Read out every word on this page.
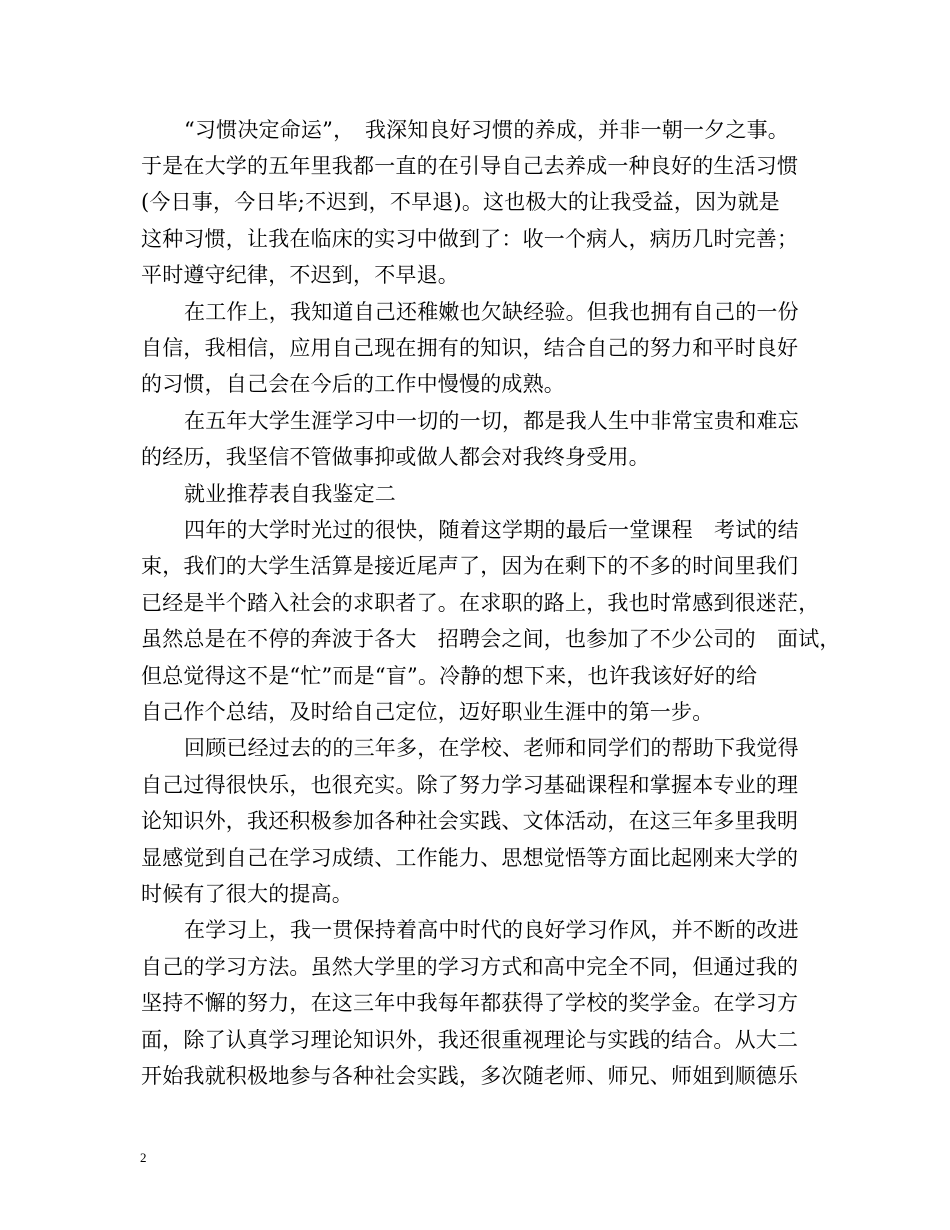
“习惯决定命运”，　我深知良好习惯的养成，并非一朝一夕之事。
于是在大学的五年里我都一直的在引导自己去养成一种良好的生活习惯
(今日事，今日毕;不迟到，不早退)。这也极大的让我受益，因为就是
这种习惯，让我在临床的实习中做到了：收一个病人，病历几时完善；
平时遵守纪律，不迟到，不早退。
在工作上，我知道自己还稚嫩也欠缺经验。但我也拥有自己的一份
自信，我相信，应用自己现在拥有的知识，结合自己的努力和平时良好
的习惯，自己会在今后的工作中慢慢的成熟。
在五年大学生涯学习中一切的一切，都是我人生中非常宝贵和难忘
的经历，我坚信不管做事抑或做人都会对我终身受用。
就业推荐表自我鉴定二
四年的大学时光过的很快，随着这学期的最后一堂课程　考试的结
束，我们的大学生活算是接近尾声了，因为在剩下的不多的时间里我们
已经是半个踏入社会的求职者了。在求职的路上，我也时常感到很迷茫，
虽然总是在不停的奔波于各大　招聘会之间，也参加了不少公司的　面试，
但总觉得这不是“忙”而是“盲”。冷静的想下来，也许我该好好的给
自己作个总结，及时给自己定位，迈好职业生涯中的第一步。
回顾已经过去的的三年多，在学校、老师和同学们的帮助下我觉得
自己过得很快乐，也很充实。除了努力学习基础课程和掌握本专业的理
论知识外，我还积极参加各种社会实践、文体活动，在这三年多里我明
显感觉到自己在学习成绩、工作能力、思想觉悟等方面比起刚来大学的
时候有了很大的提高。
在学习上，我一贯保持着高中时代的良好学习作风，并不断的改进
自己的学习方法。虽然大学里的学习方式和高中完全不同，但通过我的
坚持不懈的努力，在这三年中我每年都获得了学校的奖学金。在学习方
面，除了认真学习理论知识外，我还很重视理论与实践的结合。从大二
开始我就积极地参与各种社会实践，多次随老师、师兄、师姐到顺德乐
2
